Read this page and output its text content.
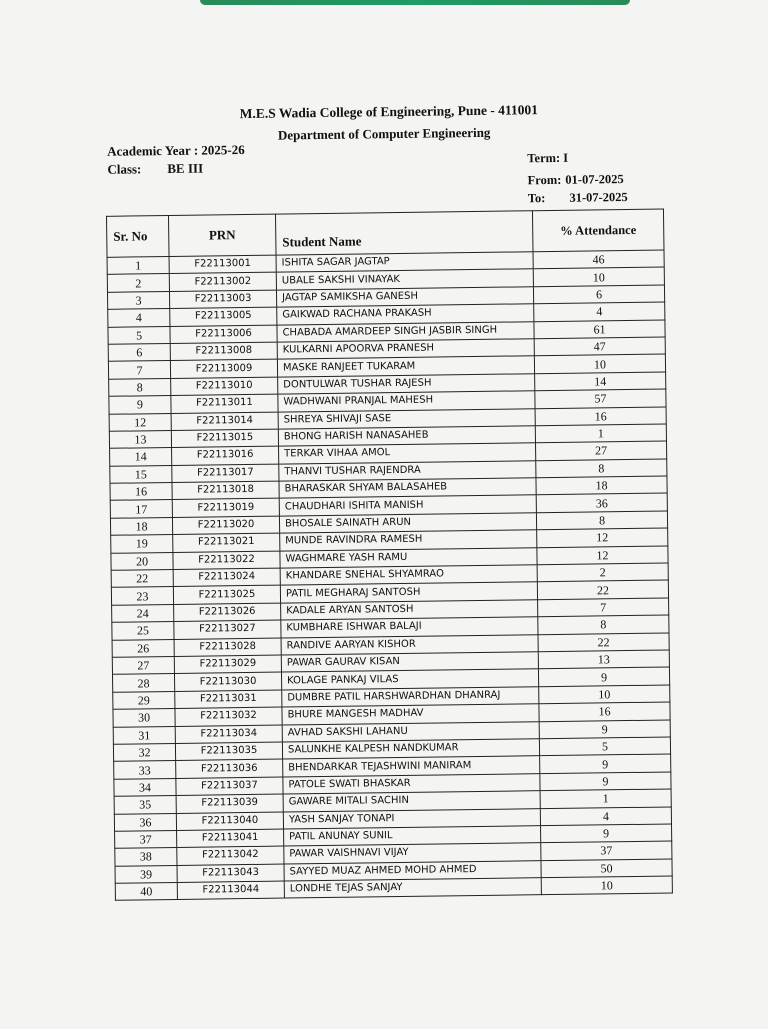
M.E.S Wadia College of Engineering, Pune - 411001
Department of Computer Engineering
Academic Year : 2025-26
Class: BE III
Term: I
From: 01-07-2025
To: 31-07-2025
Sr. No	PRN	Student Name	% Attendance
1	F22113001	ISHITA SAGAR JAGTAP	46
2	F22113002	UBALE SAKSHI VINAYAK	10
3	F22113003	JAGTAP SAMIKSHA GANESH	6
4	F22113005	GAIKWAD RACHANA PRAKASH	4
5	F22113006	CHABADA AMARDEEP SINGH JASBIR SINGH	61
6	F22113008	KULKARNI APOORVA PRANESH	47
7	F22113009	MASKE RANJEET TUKARAM	10
8	F22113010	DONTULWAR TUSHAR RAJESH	14
9	F22113011	WADHWANI PRANJAL MAHESH	57
12	F22113014	SHREYA SHIVAJI SASE	16
13	F22113015	BHONG HARISH NANASAHEB	1
14	F22113016	TERKAR VIHAA AMOL	27
15	F22113017	THANVI TUSHAR RAJENDRA	8
16	F22113018	BHARASKAR SHYAM BALASAHEB	18
17	F22113019	CHAUDHARI ISHITA MANISH	36
18	F22113020	BHOSALE SAINATH ARUN	8
19	F22113021	MUNDE RAVINDRA RAMESH	12
20	F22113022	WAGHMARE YASH RAMU	12
22	F22113024	KHANDARE SNEHAL SHYAMRAO	2
23	F22113025	PATIL MEGHARAJ SANTOSH	22
24	F22113026	KADALE ARYAN SANTOSH	7
25	F22113027	KUMBHARE ISHWAR BALAJI	8
26	F22113028	RANDIVE AARYAN KISHOR	22
27	F22113029	PAWAR GAURAV KISAN	13
28	F22113030	KOLAGE PANKAJ VILAS	9
29	F22113031	DUMBRE PATIL HARSHWARDHAN DHANRAJ	10
30	F22113032	BHURE MANGESH MADHAV	16
31	F22113034	AVHAD SAKSHI LAHANU	9
32	F22113035	SALUNKHE KALPESH NANDKUMAR	5
33	F22113036	BHENDARKAR TEJASHWINI MANIRAM	9
34	F22113037	PATOLE SWATI BHASKAR	9
35	F22113039	GAWARE MITALI SACHIN	1
36	F22113040	YASH SANJAY TONAPI	4
37	F22113041	PATIL ANUNAY SUNIL	9
38	F22113042	PAWAR VAISHNAVI VIJAY	37
39	F22113043	SAYYED MUAZ AHMED MOHD AHMED	50
40	F22113044	LONDHE TEJAS SANJAY	10
